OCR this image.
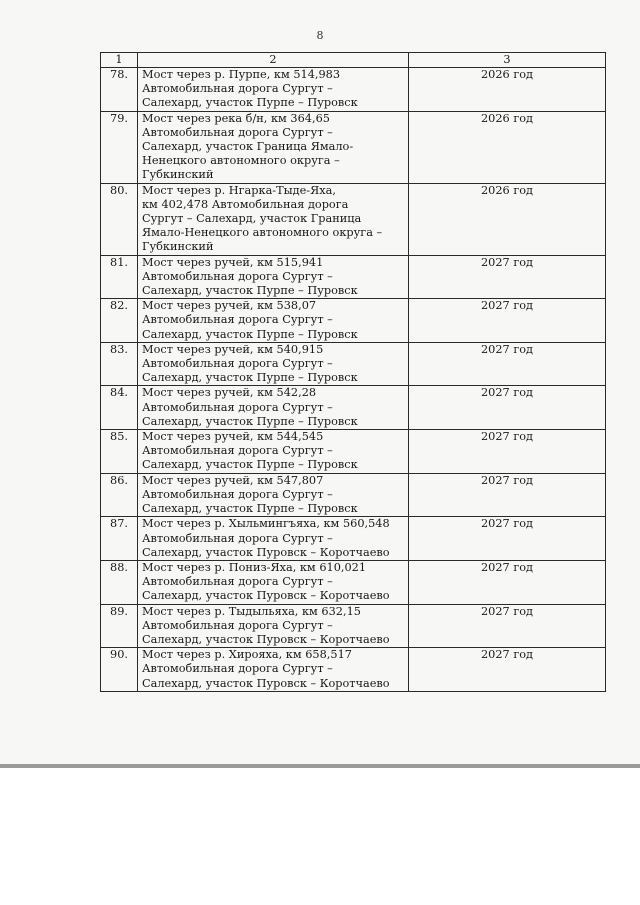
8
1	2	3
78.	Мост через р. Пурпе, км 514,983
Автомобильная дорога Сургут –
Салехард, участок Пурпе – Пуровск	2026 год
79.	Мост через река б/н, км 364,65
Автомобильная дорога Сургут –
Салехард, участок Граница Ямало-
Ненецкого автономного округа –
Губкинский	2026 год
80.	Мост через р. Нгарка-Тыде-Яха,
км 402,478 Автомобильная дорога
Сургут – Салехард, участок Граница
Ямало-Ненецкого автономного округа –
Губкинский	2026 год
81.	Мост через ручей, км 515,941
Автомобильная дорога Сургут –
Салехард, участок Пурпе – Пуровск	2027 год
82.	Мост через ручей, км 538,07
Автомобильная дорога Сургут –
Салехард, участок Пурпе – Пуровск	2027 год
83.	Мост через ручей, км 540,915
Автомобильная дорога Сургут –
Салехард, участок Пурпе – Пуровск	2027 год
84.	Мост через ручей, км 542,28
Автомобильная дорога Сургут –
Салехард, участок Пурпе – Пуровск	2027 год
85.	Мост через ручей, км 544,545
Автомобильная дорога Сургут –
Салехард, участок Пурпе – Пуровск	2027 год
86.	Мост через ручей, км 547,807
Автомобильная дорога Сургут –
Салехард, участок Пурпе – Пуровск	2027 год
87.	Мост через р. Хыльмингъяха, км 560,548
Автомобильная дорога Сургут –
Салехард, участок Пуровск – Коротчаево	2027 год
88.	Мост через р. Пониз-Яха, км 610,021
Автомобильная дорога Сургут –
Салехард, участок Пуровск – Коротчаево	2027 год
89.	Мост через р. Тыдыльяха, км 632,15
Автомобильная дорога Сургут –
Салехард, участок Пуровск – Коротчаево	2027 год
90.	Мост через р. Хирояха, км 658,517
Автомобильная дорога Сургут –
Салехард, участок Пуровск – Коротчаево	2027 год
